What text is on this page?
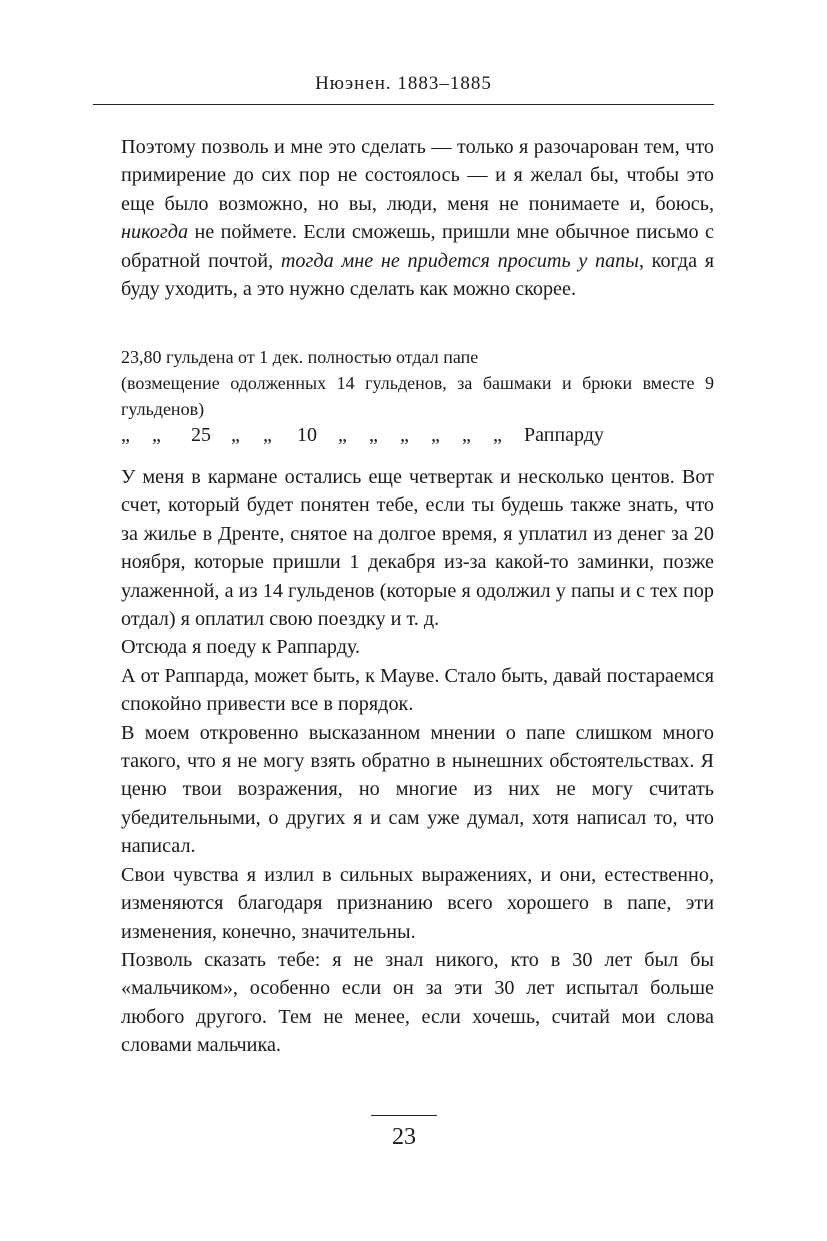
Нюэнен. 1883–1885

Поэтому позволь и мне это сделать — только я разочарован тем, что примирение до сих пор не состоялось — и я желал бы, чтобы это еще было возможно, но вы, люди, меня не понимаете и, боюсь, никогда не поймете. Если сможешь, пришли мне обычное письмо с обратной почтой, тогда мне не придется просить у папы, когда я буду уходить, а это нужно сделать как можно скорее.

23,80 гульдена от 1 дек. полностью отдал папе

(возмещение одолженных 14 гульденов, за башмаки и брюки вместе 9 гульденов)

„ „ 25 „ „ 10 „ „ „ „ „ „ Раппарду

У меня в кармане остались еще четвертак и несколько центов. Вот счет, который будет понятен тебе, если ты будешь также знать, что за жилье в Дренте, снятое на долгое время, я уплатил из денег за 20 ноября, которые пришли 1 декабря из-за какой-то заминки, позже улаженной, а из 14 гульденов (которые я одолжил у папы и с тех пор отдал) я оплатил свою поездку и т. д.

Отсюда я поеду к Раппарду.

А от Раппарда, может быть, к Мауве. Стало быть, давай постараемся спокойно привести все в порядок.

В моем откровенно высказанном мнении о папе слишком много такого, что я не могу взять обратно в нынешних обстоятельствах. Я ценю твои возражения, но многие из них не могу считать убедительными, о других я и сам уже думал, хотя написал то, что написал.

Свои чувства я излил в сильных выражениях, и они, естественно, изменяются благодаря признанию всего хорошего в папе, эти изменения, конечно, значительны.

Позволь сказать тебе: я не знал никого, кто в 30 лет был бы «мальчиком», особенно если он за эти 30 лет испытал больше любого другого. Тем не менее, если хочешь, считай мои слова словами мальчика.

23
